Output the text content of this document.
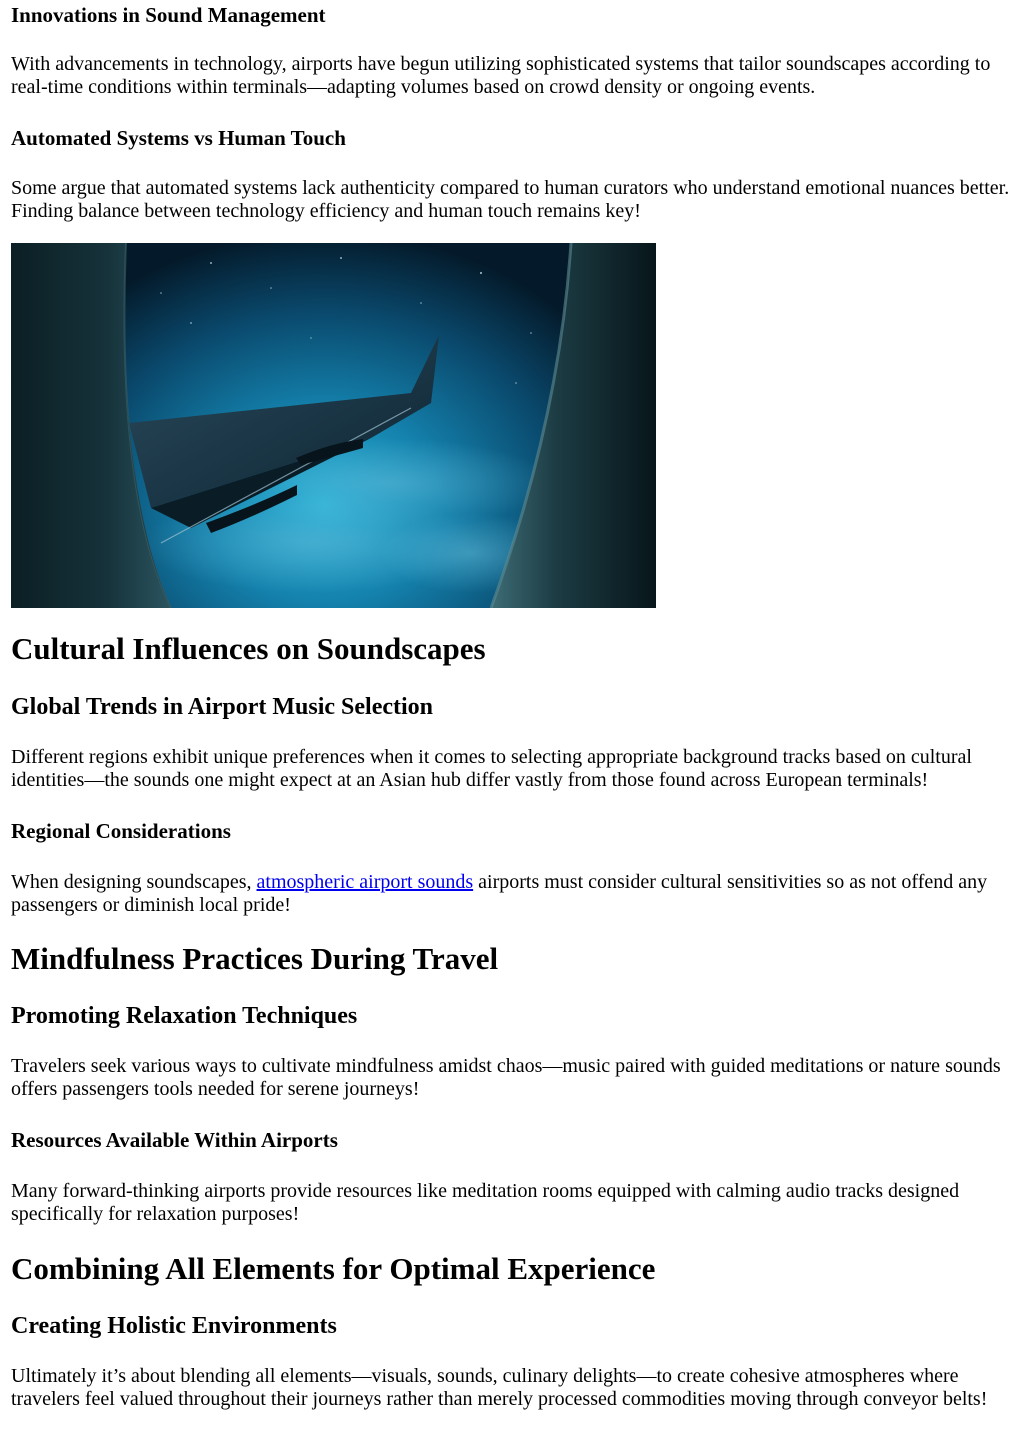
Innovations in Sound Management

With advancements in technology, airports have begun utilizing sophisticated systems that tailor soundscapes according to real-time conditions within terminals—adapting volumes based on crowd density or ongoing events.

Automated Systems vs Human Touch

Some argue that automated systems lack authenticity compared to human curators who understand emotional nuances better. Finding balance between technology efficiency and human touch remains key!

Cultural Influences on Soundscapes
Global Trends in Airport Music Selection

Different regions exhibit unique preferences when it comes to selecting appropriate background tracks based on cultural identities—the sounds one might expect at an Asian hub differ vastly from those found across European terminals!

Regional Considerations

When designing soundscapes, atmospheric airport sounds airports must consider cultural sensitivities so as not offend any passengers or diminish local pride!

Mindfulness Practices During Travel
Promoting Relaxation Techniques

Travelers seek various ways to cultivate mindfulness amidst chaos—music paired with guided meditations or nature sounds offers passengers tools needed for serene journeys!

Resources Available Within Airports

Many forward-thinking airports provide resources like meditation rooms equipped with calming audio tracks designed specifically for relaxation purposes!

Combining All Elements for Optimal Experience
Creating Holistic Environments

Ultimately it’s about blending all elements—visuals, sounds, culinary delights—to create cohesive atmospheres where travelers feel valued throughout their journeys rather than merely processed commodities moving through conveyor belts!
